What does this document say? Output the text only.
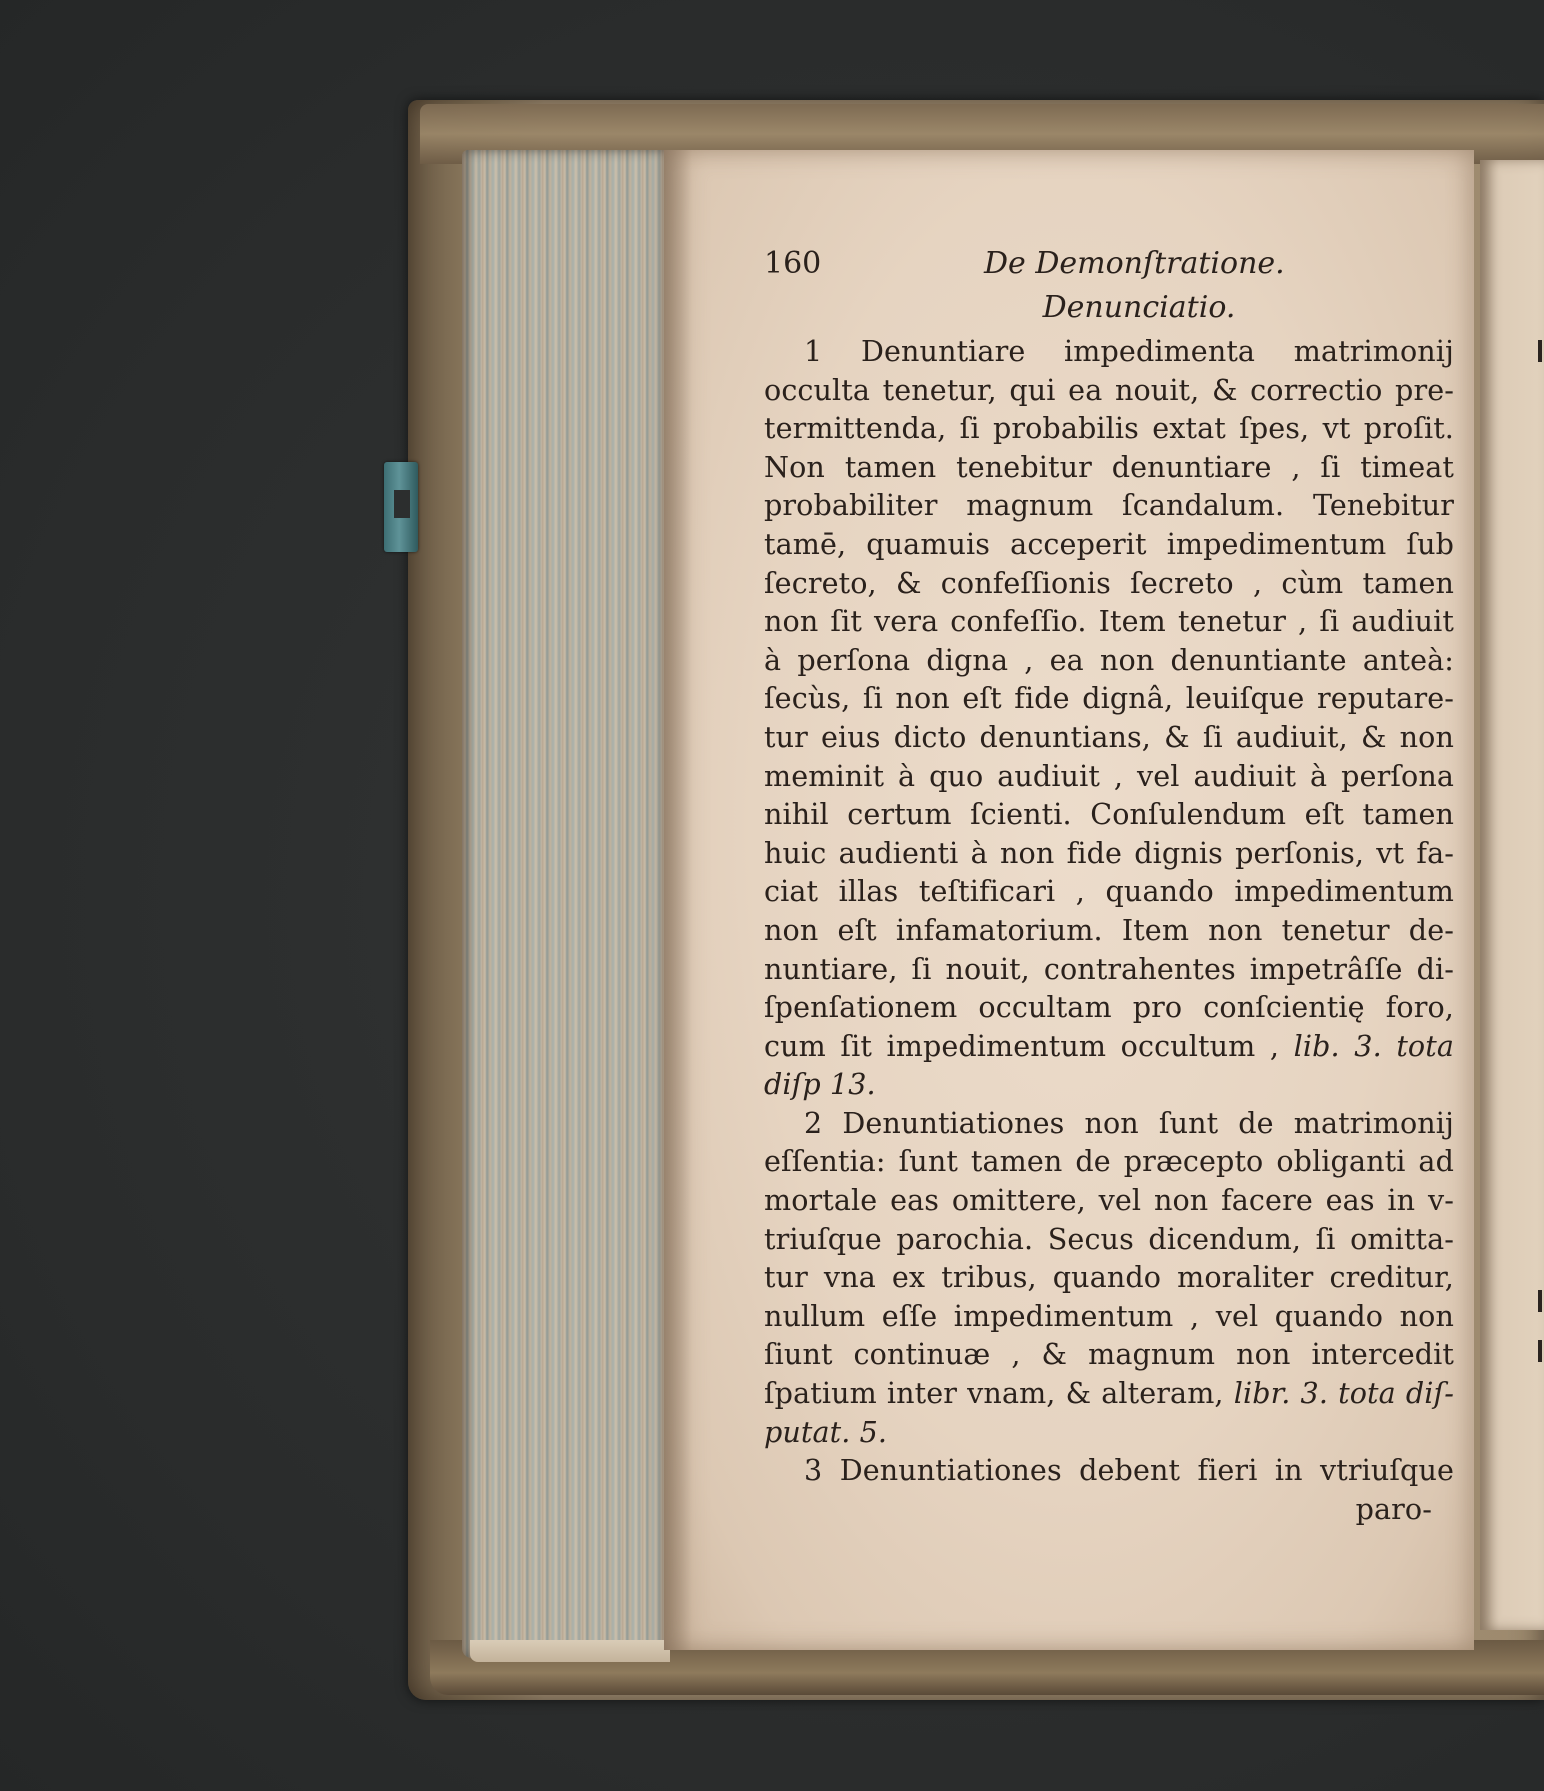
160	De Demonſtratione.
Denunciatio.
1 Denuntiare impedimenta matrimonij
occulta tenetur, qui ea nouit, & correctio pre-
termittenda, ſi probabilis extat ſpes, vt proſit.
Non tamen tenebitur denuntiare , ſi timeat
probabiliter magnum ſcandalum. Tenebitur
tamē, quamuis acceperit impedimentum ſub
ſecreto, & confeſſionis ſecreto , cùm tamen
non ſit vera confeſſio. Item tenetur , ſi audiuit
à perſona digna , ea non denuntiante anteà:
ſecùs, ſi non eſt fide dignâ, leuiſque reputare-
tur eius dicto denuntians, & ſi audiuit, & non
meminit à quo audiuit , vel audiuit à perſona
nihil certum ſcienti. Conſulendum eſt tamen
huic audienti à non fide dignis perſonis, vt fa-
ciat illas teſtificari , quando impedimentum
non eſt infamatorium. Item non tenetur de-
nuntiare, ſi nouit, contrahentes impetrâſſe di-
ſpenſationem occultam pro conſcientię foro,
cum ſit impedimentum occultum , lib. 3. tota
diſp 13.
2 Denuntiationes non ſunt de matrimonij
eſſentia: ſunt tamen de præcepto obliganti ad
mortale eas omittere, vel non facere eas in v-
triuſque parochia. Secus dicendum, ſi omitta-
tur vna ex tribus, quando moraliter creditur,
nullum eſſe impedimentum , vel quando non
ſiunt continuæ , & magnum non intercedit
ſpatium inter vnam, & alteram, libr. 3. tota diſ-
putat. 5.
3 Denuntiationes debent fieri in vtriuſque
paro-
